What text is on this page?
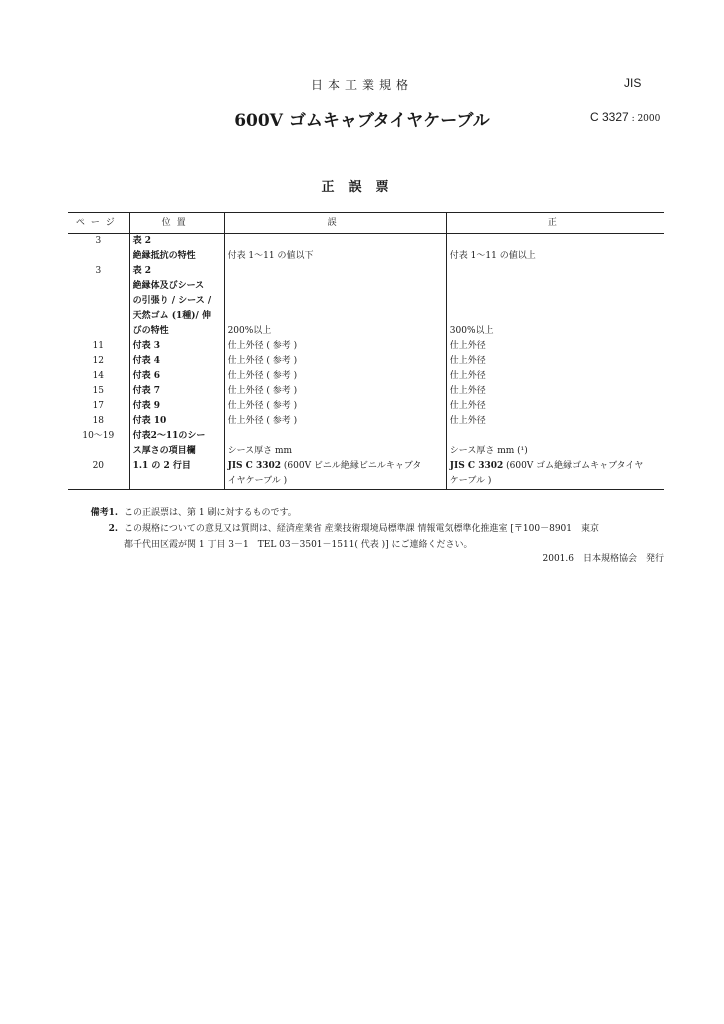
日本工業規格	JIS
600V ゴムキャブタイヤケーブル	C 3327 : 2000
正誤票
ページ	位置	誤	正
3	表 2		
	絶縁抵抗の特性	付表 1～11 の値以下	付表 1～11 の値以上
3	表 2		
	絶縁体及びシース		
	の引張り / シース /		
	天然ゴム (1種)/ 伸		
	びの特性	200%以上	300%以上
11	付表 3	仕上外径 ( 参考 )	仕上外径
12	付表 4	仕上外径 ( 参考 )	仕上外径
14	付表 6	仕上外径 ( 参考 )	仕上外径
15	付表 7	仕上外径 ( 参考 )	仕上外径
17	付表 9	仕上外径 ( 参考 )	仕上外径
18	付表 10	仕上外径 ( 参考 )	仕上外径
10～19	付表2～11のシー		
	ス厚さの項目欄	シース厚さ mm	シース厚さ mm (¹)
20	1.1 の 2 行目	JIS C 3302 (600V ビニル絶縁ビニルキャブタ	JIS C 3302 (600V ゴム絶縁ゴムキャブタイヤ
		イヤケーブル )	ケーブル )
備考1. この正誤票は、第 1 刷に対するものです。
2. この規格についての意見又は質問は、経済産業省 産業技術環境局標準課 情報電気標準化推進室 [〒100－8901　東京
都千代田区霞が関 1 丁目 3－1　TEL 03－3501－1511( 代表 )] にご連絡ください。
2001.6　日本規格協会　発行
